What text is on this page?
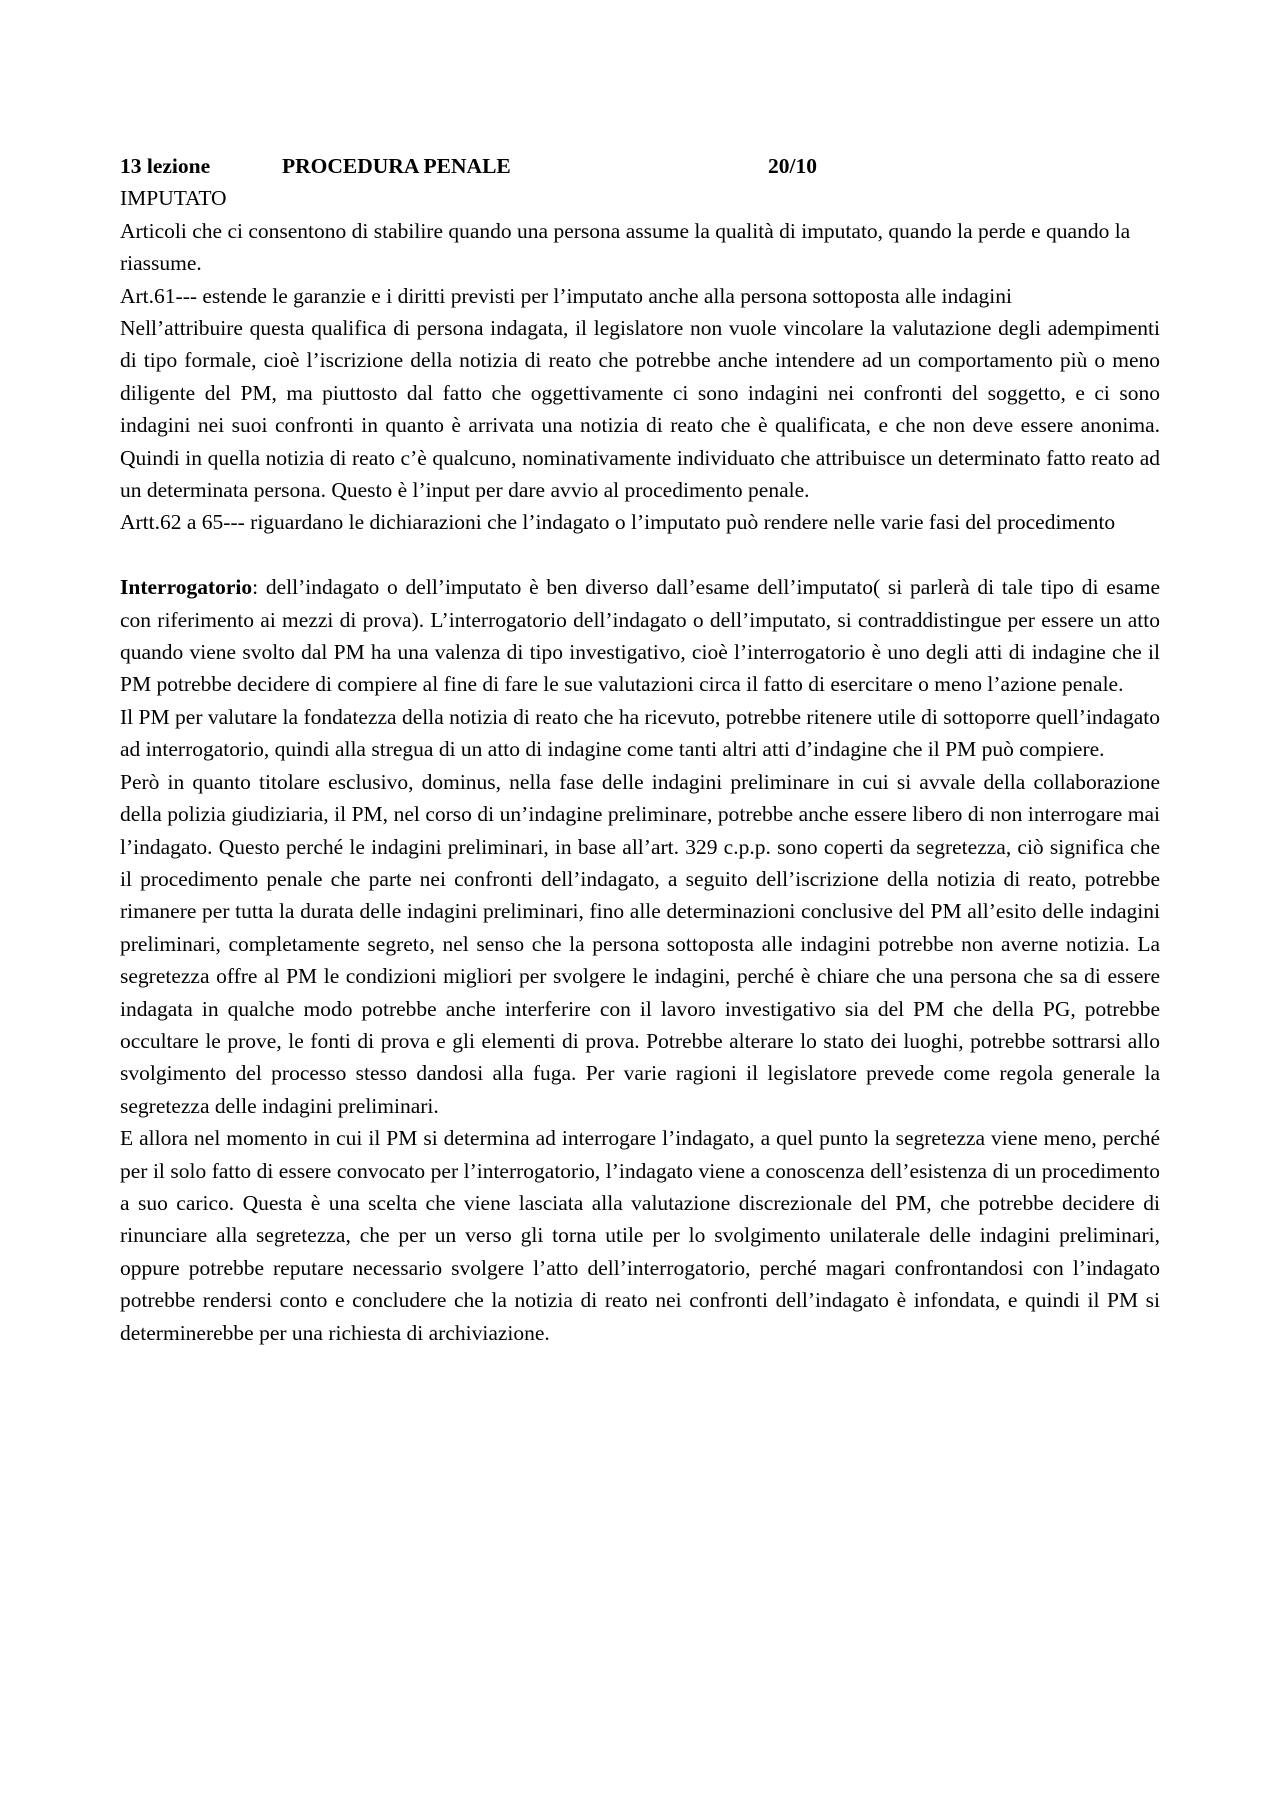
13 lezione	PROCEDURA PENALE	20/10
IMPUTATO

Articoli che ci consentono di stabilire quando una persona assume la qualità di imputato, quando la perde e quando la riassume.

Art.61--- estende le garanzie e i diritti previsti per l’imputato anche alla persona sottoposta alle indagini

Nell’attribuire questa qualifica di persona indagata, il legislatore non vuole vincolare la valutazione degli adempimenti di tipo formale, cioè l’iscrizione della notizia di reato che potrebbe anche intendere ad un comportamento più o meno diligente del PM, ma piuttosto dal fatto che oggettivamente ci sono indagini nei confronti del soggetto, e ci sono indagini nei suoi confronti in quanto è arrivata una notizia di reato che è qualificata, e che non deve essere anonima. Quindi in quella notizia di reato c’è qualcuno, nominativamente individuato che attribuisce un determinato fatto reato ad un determinata persona. Questo è l’input per dare avvio al procedimento penale.

Artt.62 a 65--- riguardano le dichiarazioni che l’indagato o l’imputato può rendere nelle varie fasi del procedimento

Interrogatorio: dell’indagato o dell’imputato è ben diverso dall’esame dell’imputato( si parlerà di tale tipo di esame con riferimento ai mezzi di prova). L’interrogatorio dell’indagato o dell’imputato, si contraddistingue per essere un atto quando viene svolto dal PM ha una valenza di tipo investigativo, cioè l’interrogatorio è uno degli atti di indagine che il PM potrebbe decidere di compiere al fine di fare le sue valutazioni circa il fatto di esercitare o meno l’azione penale.

Il PM per valutare la fondatezza della notizia di reato che ha ricevuto, potrebbe ritenere utile di sottoporre quell’indagato ad interrogatorio, quindi alla stregua di un atto di indagine come tanti altri atti d’indagine che il PM può compiere.

Però in quanto titolare esclusivo, dominus, nella fase delle indagini preliminare in cui si avvale della collaborazione della polizia giudiziaria, il PM, nel corso di un’indagine preliminare, potrebbe anche essere libero di non interrogare mai l’indagato. Questo perché le indagini preliminari, in base all’art. 329 c.p.p. sono coperti da segretezza, ciò significa che il procedimento penale che parte nei confronti dell’indagato, a seguito dell’iscrizione della notizia di reato, potrebbe rimanere per tutta la durata delle indagini preliminari, fino alle determinazioni conclusive del PM all’esito delle indagini preliminari, completamente segreto, nel senso che la persona sottoposta alle indagini potrebbe non averne notizia. La segretezza offre al PM le condizioni migliori per svolgere le indagini, perché è chiare che una persona che sa di essere indagata in qualche modo potrebbe anche interferire con il lavoro investigativo sia del PM che della PG, potrebbe occultare le prove, le fonti di prova e gli elementi di prova. Potrebbe alterare lo stato dei luoghi, potrebbe sottrarsi allo svolgimento del processo stesso dandosi alla fuga. Per varie ragioni il legislatore prevede come regola generale la segretezza delle indagini preliminari.

E allora nel momento in cui il PM si determina ad interrogare l’indagato, a quel punto la segretezza viene meno, perché per il solo fatto di essere convocato per l’interrogatorio, l’indagato viene a conoscenza dell’esistenza di un procedimento a suo carico. Questa è una scelta che viene lasciata alla valutazione discrezionale del PM, che potrebbe decidere di rinunciare alla segretezza, che per un verso gli torna utile per lo svolgimento unilaterale delle indagini preliminari, oppure potrebbe reputare necessario svolgere l’atto dell’interrogatorio, perché magari confrontandosi con l’indagato potrebbe rendersi conto e concludere che la notizia di reato nei confronti dell’indagato è infondata, e quindi il PM si determinerebbe per una richiesta di archiviazione.
